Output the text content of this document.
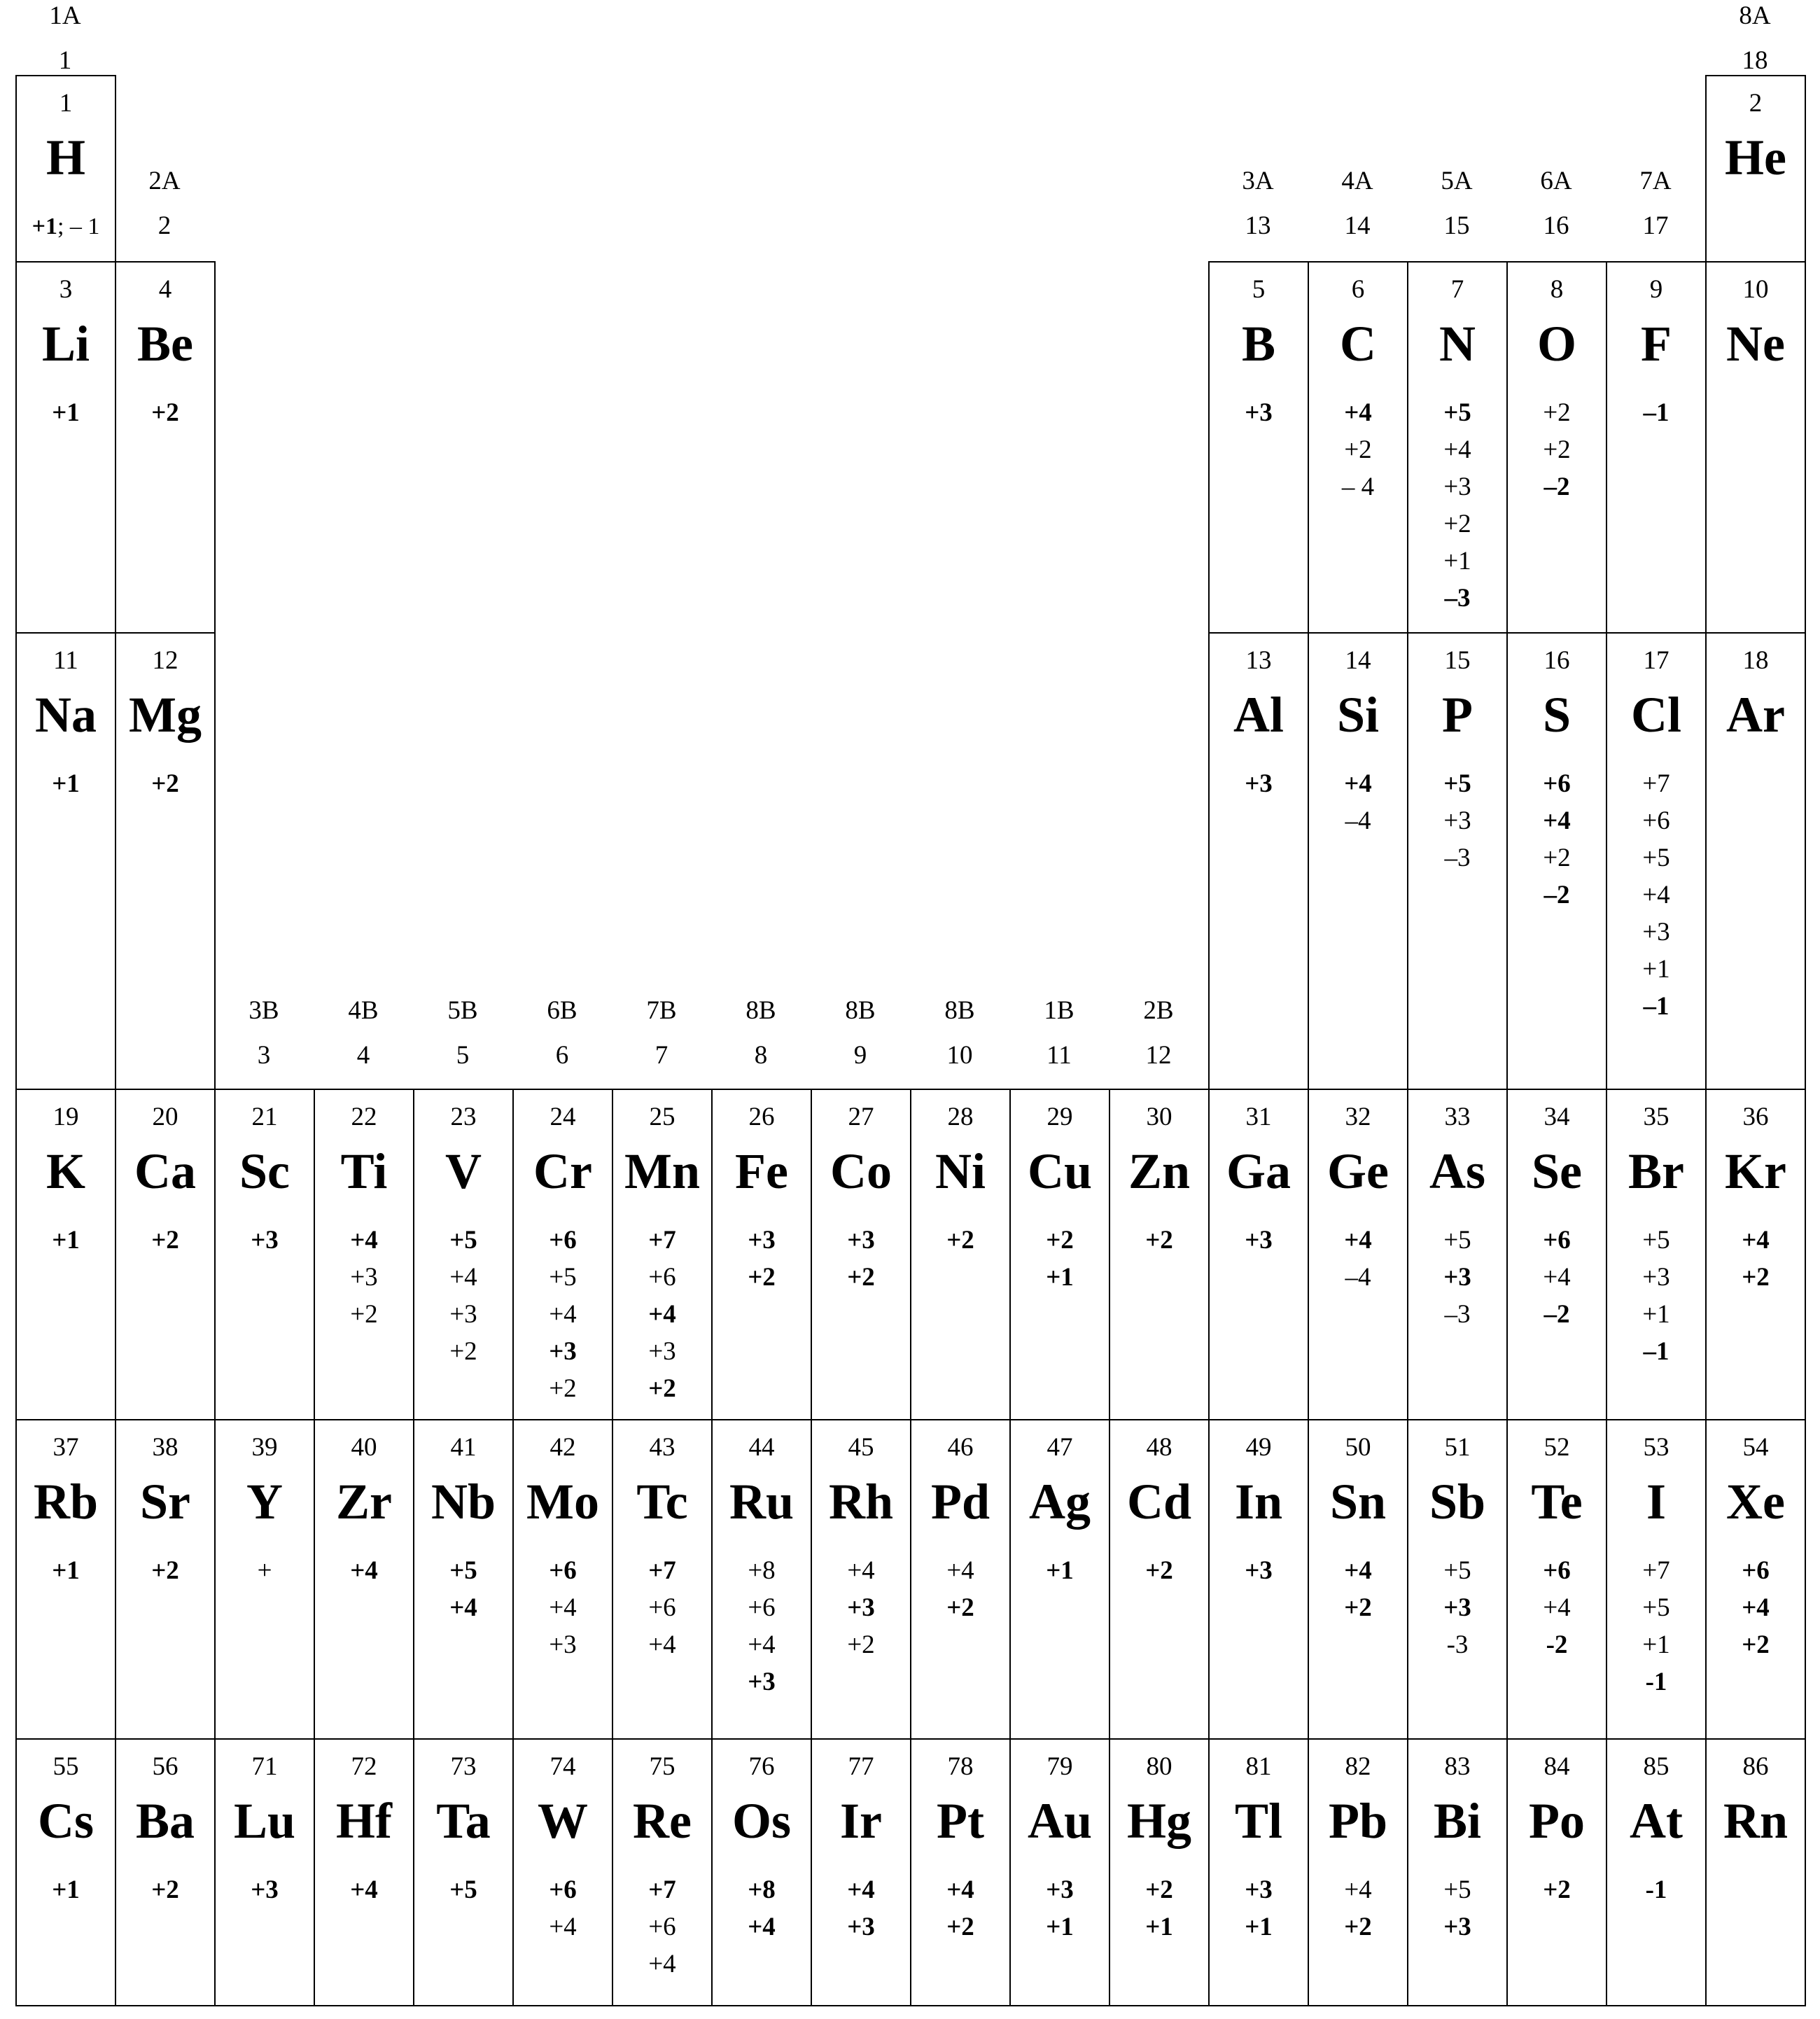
1A
1
2A
2
3B
3
4B
4
5B
5
6B
6
7B
7
8B
8
8B
9
8B
10
1B
11
2B
12
3A
13
4A
14
5A
15
6A
16
7A
17
8A
18
1
H
+1; – 1
2
He
3
Li
+1
4
Be
+2
5
B
+3
6
C
+4
+2
– 4
7
N
+5
+4
+3
+2
+1
–3
8
O
+2
+2
–2
9
F
–1
10
Ne
11
Na
+1
12
Mg
+2
13
Al
+3
14
Si
+4
–4
15
P
+5
+3
–3
16
S
+6
+4
+2
–2
17
Cl
+7
+6
+5
+4
+3
+1
–1
18
Ar
19
K
+1
20
Ca
+2
21
Sc
+3
22
Ti
+4
+3
+2
23
V
+5
+4
+3
+2
24
Cr
+6
+5
+4
+3
+2
25
Mn
+7
+6
+4
+3
+2
26
Fe
+3
+2
27
Co
+3
+2
28
Ni
+2
29
Cu
+2
+1
30
Zn
+2
31
Ga
+3
32
Ge
+4
–4
33
As
+5
+3
–3
34
Se
+6
+4
–2
35
Br
+5
+3
+1
–1
36
Kr
+4
+2
37
Rb
+1
38
Sr
+2
39
Y
+
40
Zr
+4
41
Nb
+5
+4
42
Mo
+6
+4
+3
43
Tc
+7
+6
+4
44
Ru
+8
+6
+4
+3
45
Rh
+4
+3
+2
46
Pd
+4
+2
47
Ag
+1
48
Cd
+2
49
In
+3
50
Sn
+4
+2
51
Sb
+5
+3
-3
52
Te
+6
+4
-2
53
I
+7
+5
+1
-1
54
Xe
+6
+4
+2
55
Cs
+1
56
Ba
+2
71
Lu
+3
72
Hf
+4
73
Ta
+5
74
W
+6
+4
75
Re
+7
+6
+4
76
Os
+8
+4
77
Ir
+4
+3
78
Pt
+4
+2
79
Au
+3
+1
80
Hg
+2
+1
81
Tl
+3
+1
82
Pb
+4
+2
83
Bi
+5
+3
84
Po
+2
85
At
-1
86
Rn
